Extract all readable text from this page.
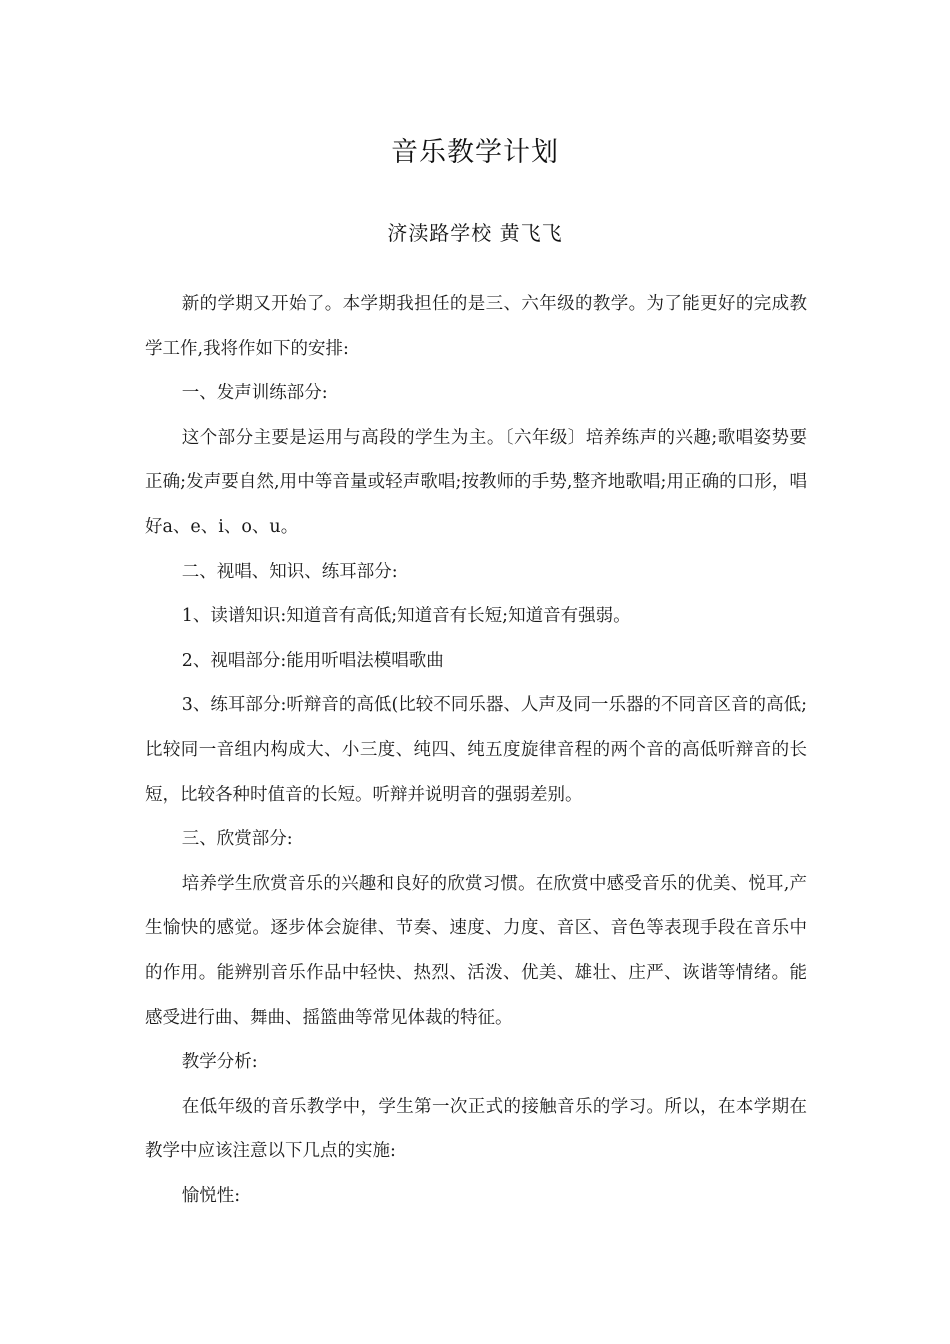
音乐教学计划
济渎路学校 黄飞飞

新的学期又开始了。本学期我担任的是三、六年级的教学。为了能更好的完成教学工作,我将作如下的安排:

一、发声训练部分:

这个部分主要是运用与高段的学生为主。〔六年级〕培养练声的兴趣;歌唱姿势要正确;发声要自然,用中等音量或轻声歌唱;按教师的手势,整齐地歌唱;用正确的口形，唱好a、e、i、o、u。

二、视唱、知识、练耳部分:

1、读谱知识:知道音有高低;知道音有长短;知道音有强弱。

2、视唱部分:能用听唱法模唱歌曲

3、练耳部分:听辩音的高低(比较不同乐器、人声及同一乐器的不同音区音的高低;比较同一音组内构成大、小三度、纯四、纯五度旋律音程的两个音的高低听辩音的长短，比较各种时值音的长短。听辩并说明音的强弱差别。

三、欣赏部分:

培养学生欣赏音乐的兴趣和良好的欣赏习惯。在欣赏中感受音乐的优美、悦耳,产生愉快的感觉。逐步体会旋律、节奏、速度、力度、音区、音色等表现手段在音乐中的作用。能辨别音乐作品中轻快、热烈、活泼、优美、雄壮、庄严、诙谐等情绪。能感受进行曲、舞曲、摇篮曲等常见体裁的特征。

教学分析:

在低年级的音乐教学中，学生第一次正式的接触音乐的学习。所以，在本学期在教学中应该注意以下几点的实施:

愉悦性:
